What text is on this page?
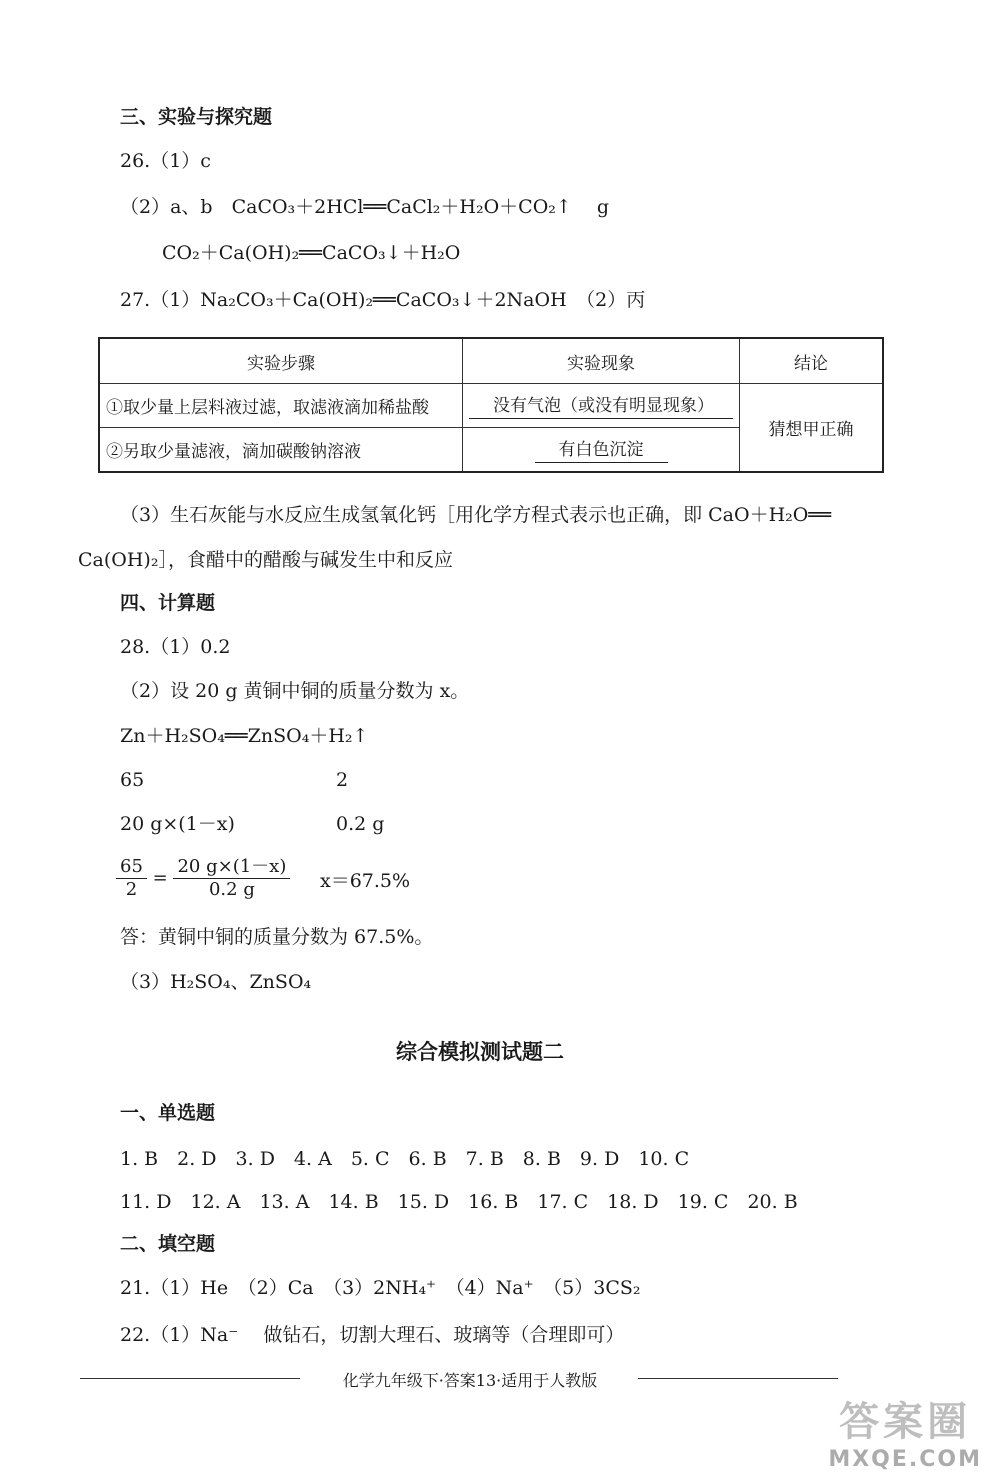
三、实验与探究题
26.（1）c
（2）a、b　CaCO₃＋2HCl══CaCl₂＋H₂O＋CO₂↑　 g
CO₂＋Ca(OH)₂══CaCO₃↓＋H₂O
27.（1）Na₂CO₃＋Ca(OH)₂══CaCO₃↓＋2NaOH　（2）丙
实验步骤	实验现象	结论
①取少量上层料液过滤，取滤液滴加稀盐酸	没有气泡（或没有明显现象）	猜想甲正确
②另取少量滤液，滴加碳酸钠溶液	有白色沉淀	
（3）生石灰能与水反应生成氢氧化钙［用化学方程式表示也正确，即 CaO＋H₂O══
Ca(OH)₂］，食醋中的醋酸与碱发生中和反应
四、计算题
28.（1）0.2
（2）设 20 g 黄铜中铜的质量分数为 x。
Zn＋H₂SO₄══ZnSO₄＋H₂↑
65	2
20 g×(1－x)	0.2 g
$\frac{65}{2} = \frac{20 g\times(1-x)}{0.2 g} x=67.5\%$
答：黄铜中铜的质量分数为 67.5%。
（3）H₂SO₄、ZnSO₄
综合模拟测试题二
一、单选题
1. B　2. D　3. D　4. A　5. C　6. B　7. B　8. B　9. D　10. C
11. D　12. A　13. A　14. B　15. D　16. B　17. C　18. D　19. C　20. B
二、填空题
21.（1）He　（2）Ca　（3）2NH₄⁺　（4）Na⁺　（5）3CS₂
22.（1）Na⁻　 做钻石，切割大理石、玻璃等（合理即可）
化学九年级下·答案13·适用于人教版
答案圈
MXQE.COM
